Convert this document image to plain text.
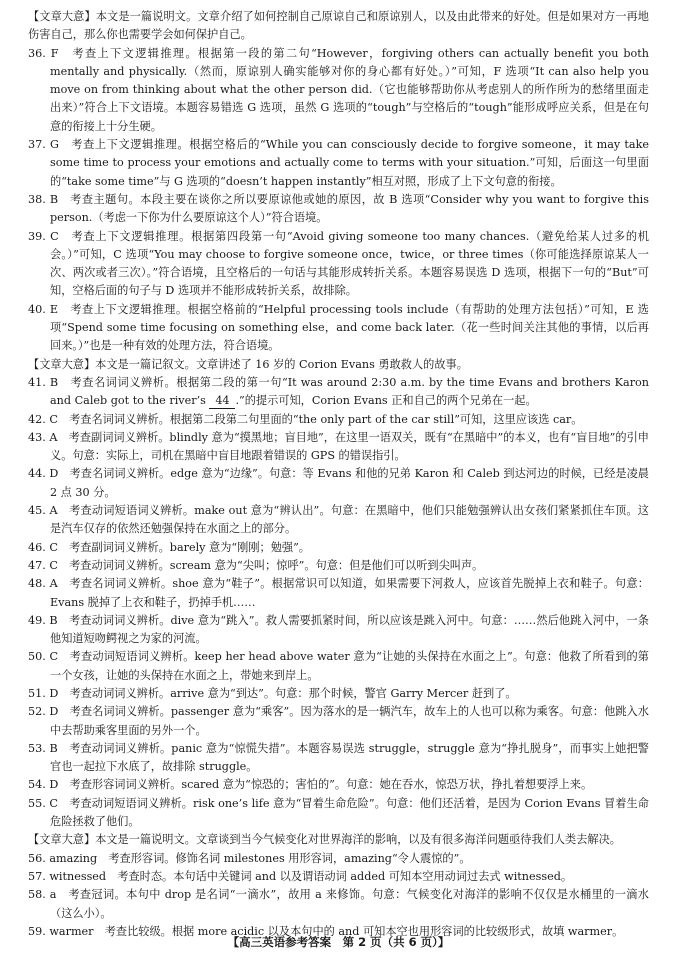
【文章大意】本文是一篇说明文。文章介绍了如何控制自己原谅自己和原谅别人，以及由此带来的好处。但是如果对方一再地伤害自己，那么你也需要学会如何保护自己。

36. F　考查上下文逻辑推理。根据第一段的第二句“However，forgiving others can actually benefit you both mentally and physically.（然而，原谅别人确实能够对你的身心都有好处。）”可知，F 选项“It can also help you move on from thinking about what the other person did.（它也能够帮助你从考虑别人的所作所为的愁绪里面走出来）”符合上下文语境。本题容易错选 G 选项，虽然 G 选项的“tough”与空格后的“tough”能形成呼应关系，但是在句意的衔接上十分生硬。

37. G　考查上下文逻辑推理。根据空格后的“While you can consciously decide to forgive someone，it may take some time to process your emotions and actually come to terms with your situation.”可知，后面这一句里面的“take some time”与 G 选项的“doesn’t happen instantly”相互对照，形成了上下文句意的衔接。

38. B　考查主题句。本段主要在谈你之所以要原谅他或她的原因，故 B 选项“Consider why you want to forgive this person.（考虑一下你为什么要原谅这个人）”符合语境。

39. C　考查上下文逻辑推理。根据第四段第一句“Avoid giving someone too many chances.（避免给某人过多的机会。）”可知，C 选项“You may choose to forgive someone once，twice，or three times（你可能选择原谅某人一次、两次或者三次）。”符合语境，且空格后的一句话与其能形成转折关系。本题容易误选 D 选项，根据下一句的“But”可知，空格后面的句子与 D 选项并不能形成转折关系，故排除。

40. E　考查上下文逻辑推理。根据空格前的“Helpful processing tools include（有帮助的处理方法包括）”可知，E 选项“Spend some time focusing on something else，and come back later.（花一些时间关注其他的事情，以后再回来。）”也是一种有效的处理方法，符合语境。

【文章大意】本文是一篇记叙文。文章讲述了 16 岁的 Corion Evans 勇敢救人的故事。

41. B　考查名词词义辨析。根据第二段的第一句“It was around 2:30 a.m. by the time Evans and brothers Karon and Caleb got to the river’s 44 .”的提示可知，Corion Evans 正和自己的两个兄弟在一起。

42. C　考查名词词义辨析。根据第二段第二句里面的“the only part of the car still”可知，这里应该选 car。

43. A　考查副词词义辨析。blindly 意为“摸黑地；盲目地”，在这里一语双关，既有“在黑暗中”的本义，也有“盲目地”的引申义。句意：实际上，司机在黑暗中盲目地跟着错误的 GPS 的错误指引。

44. D　考查名词词义辨析。edge 意为“边缘”。句意：等 Evans 和他的兄弟 Karon 和 Caleb 到达河边的时候，已经是凌晨 2 点 30 分。

45. A　考查动词短语词义辨析。make out 意为“辨认出”。句意：在黑暗中，他们只能勉强辨认出女孩们紧紧抓住车顶。这是汽车仅存的依然还勉强保持在水面之上的部分。

46. C　考查副词词义辨析。barely 意为“刚刚；勉强”。

47. C　考查动词词义辨析。scream 意为“尖叫；惊呼”。句意：但是他们可以听到尖叫声。

48. A　考查名词词义辨析。shoe 意为“鞋子”。根据常识可以知道，如果需要下河救人，应该首先脱掉上衣和鞋子。句意：Evans 脱掉了上衣和鞋子，扔掉手机……

49. B　考查动词词义辨析。dive 意为“跳入”。救人需要抓紧时间，所以应该是跳入河中。句意：……然后他跳入河中，一条他知道短吻鳄视之为家的河流。

50. C　考查动词短语词义辨析。keep her head above water 意为“让她的头保持在水面之上”。句意：他救了所看到的第一个女孩，让她的头保持在水面之上，带她来到岸上。

51. D　考查动词词义辨析。arrive 意为“到达”。句意：那个时候，警官 Garry Mercer 赶到了。

52. D　考查名词词义辨析。passenger 意为“乘客”。因为落水的是一辆汽车，故车上的人也可以称为乘客。句意：他跳入水中去帮助乘客里面的另外一个。

53. B　考查动词词义辨析。panic 意为“惊慌失措”。本题容易误选 struggle，struggle 意为“挣扎脱身”，而事实上她把警官也一起拉下水底了，故排除 struggle。

54. D　考查形容词词义辨析。scared 意为“惊恐的；害怕的”。句意：她在吞水，惊恐万状，挣扎着想要浮上来。

55. C　考查动词短语词义辨析。risk one’s life 意为“冒着生命危险”。句意：他们还活着，是因为 Corion Evans 冒着生命危险拯救了他们。

【文章大意】本文是一篇说明文。文章谈到当今气候变化对世界海洋的影响，以及有很多海洋问题亟待我们人类去解决。

56. amazing　考查形容词。修饰名词 milestones 用形容词，amazing“令人震惊的”。

57. witnessed　考查时态。本句话中关键词 and 以及谓语动词 added 可知本空用动词过去式 witnessed。

58. a　考查冠词。本句中 drop 是名词“一滴水”，故用 a 来修饰。句意：气候变化对海洋的影响不仅仅是水桶里的一滴水（这么小）。

59. warmer　考查比较级。根据 more acidic 以及本句中的 and 可知本空也用形容词的比较级形式，故填 warmer。

【高三英语参考答案　第 2 页（共 6 页）】
